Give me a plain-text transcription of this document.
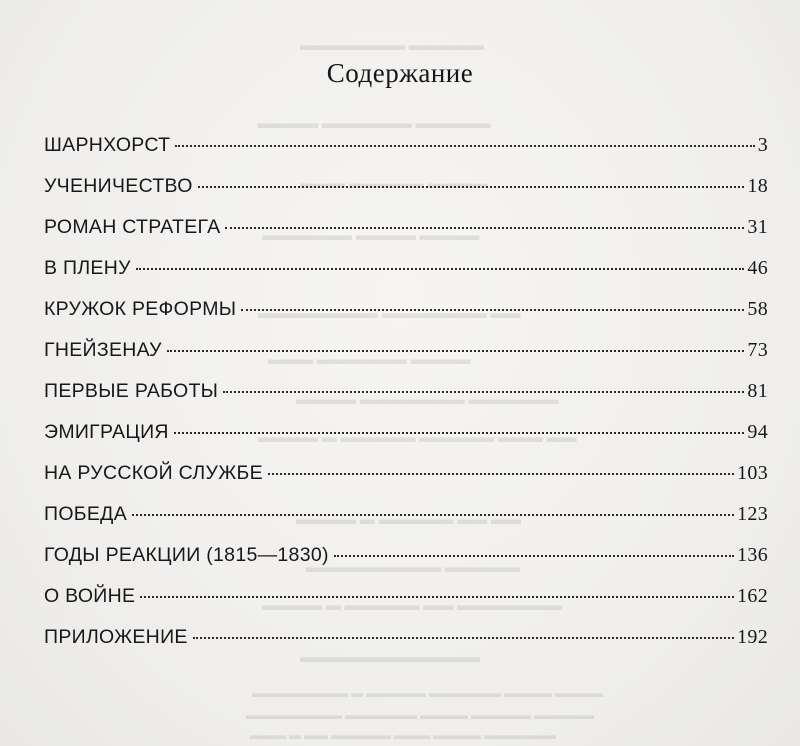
▬▬▬▬▬▬▬ ▬▬▬▬▬
▬▬▬▬ ▬▬▬▬▬▬ ▬▬▬▬▬
▬▬▬ ▬▬▬▬▬ ▬▬▬▬
▬▬▬▬▬▬ ▬▬▬▬ ▬▬▬▬
▬▬▬▬▬▬▬▬ ▬▬▬▬▬▬▬ ▬▬
▬▬▬ ▬▬▬▬▬▬ ▬▬▬▬
▬▬▬▬ ▬▬▬▬▬▬▬ ▬▬▬▬▬▬
▬▬▬▬ ▬ ▬▬▬▬▬ ▬▬▬▬▬ ▬▬▬ ▬▬
▬▬▬▬ ▬ ▬▬▬▬▬ ▬▬ ▬▬
▬▬▬▬▬▬▬▬▬ ▬▬▬▬▬
▬▬▬▬ ▬ ▬▬▬▬▬ ▬▬ ▬▬▬▬▬▬▬
▬▬▬▬▬▬▬▬▬▬▬▬
▬▬▬▬▬▬▬▬ ▬ ▬▬▬▬▬ ▬▬▬▬▬▬ ▬▬▬▬ ▬▬▬▬
▬▬▬▬▬▬▬▬ ▬▬▬▬▬▬ ▬▬▬▬ ▬▬▬▬▬ ▬▬▬▬▬
▬▬▬ ▬ ▬▬ ▬▬▬▬▬ ▬▬▬ ▬▬▬▬ ▬▬▬▬▬▬
Содержание
ШАРНХОРСТ	3
УЧЕНИЧЕСТВО	18
РОМАН СТРАТЕГА	31
В ПЛЕНУ	46
КРУЖОК РЕФОРМЫ	58
ГНЕЙЗЕНАУ	73
ПЕРВЫЕ РАБОТЫ	81
ЭМИГРАЦИЯ	94
НА РУССКОЙ СЛУЖБЕ	103
ПОБЕДА	123
ГОДЫ РЕАКЦИИ (1815—1830)	136
О ВОЙНЕ	162
ПРИЛОЖЕНИЕ	192
